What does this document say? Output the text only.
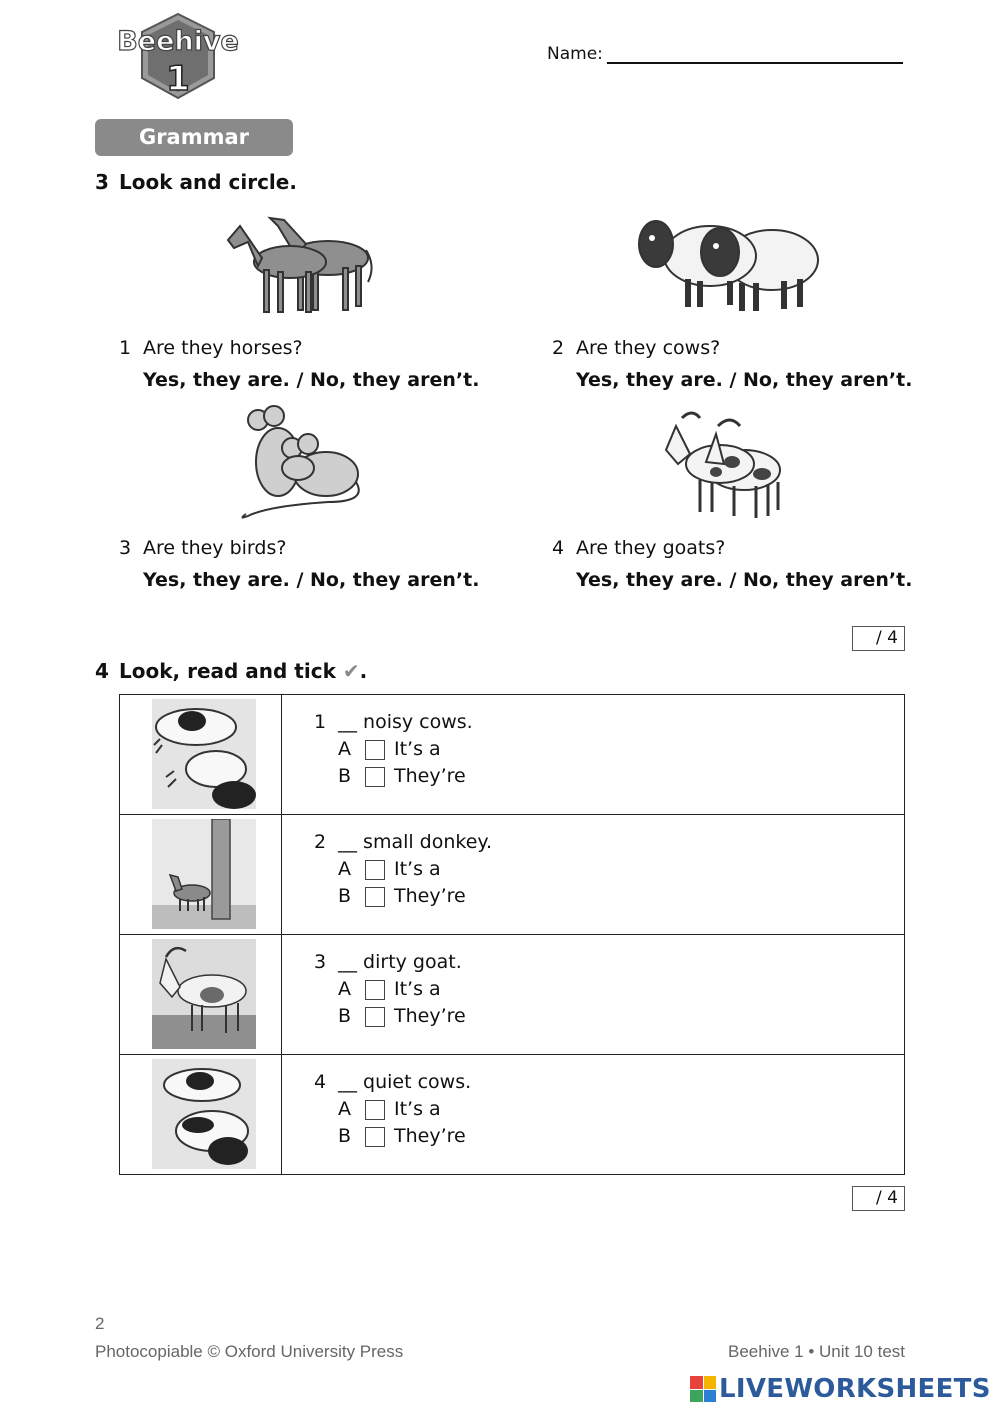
Beehive
1
Name:
Grammar
3 Look and circle.
1 Are they horses?
Yes, they are. / No, they aren’t.
2 Are they cows?
Yes, they are. / No, they aren’t.
3 Are they birds?
Yes, they are. / No, they aren’t.
4 Are they goats?
Yes, they are. / No, they aren’t.
/ 4
4 Look, read and tick ✔.

1 __ noisy cows.
A It’s a
B They’re

2 __ small donkey.
A It’s a
B They’re

3 __ dirty goat.
A It’s a
B They’re

4 __ quiet cows.
A It’s a
B They’re
/ 4
2
Photocopiable © Oxford University Press	Beehive 1 • Unit 10 test
LIVEWORKSHEETS
